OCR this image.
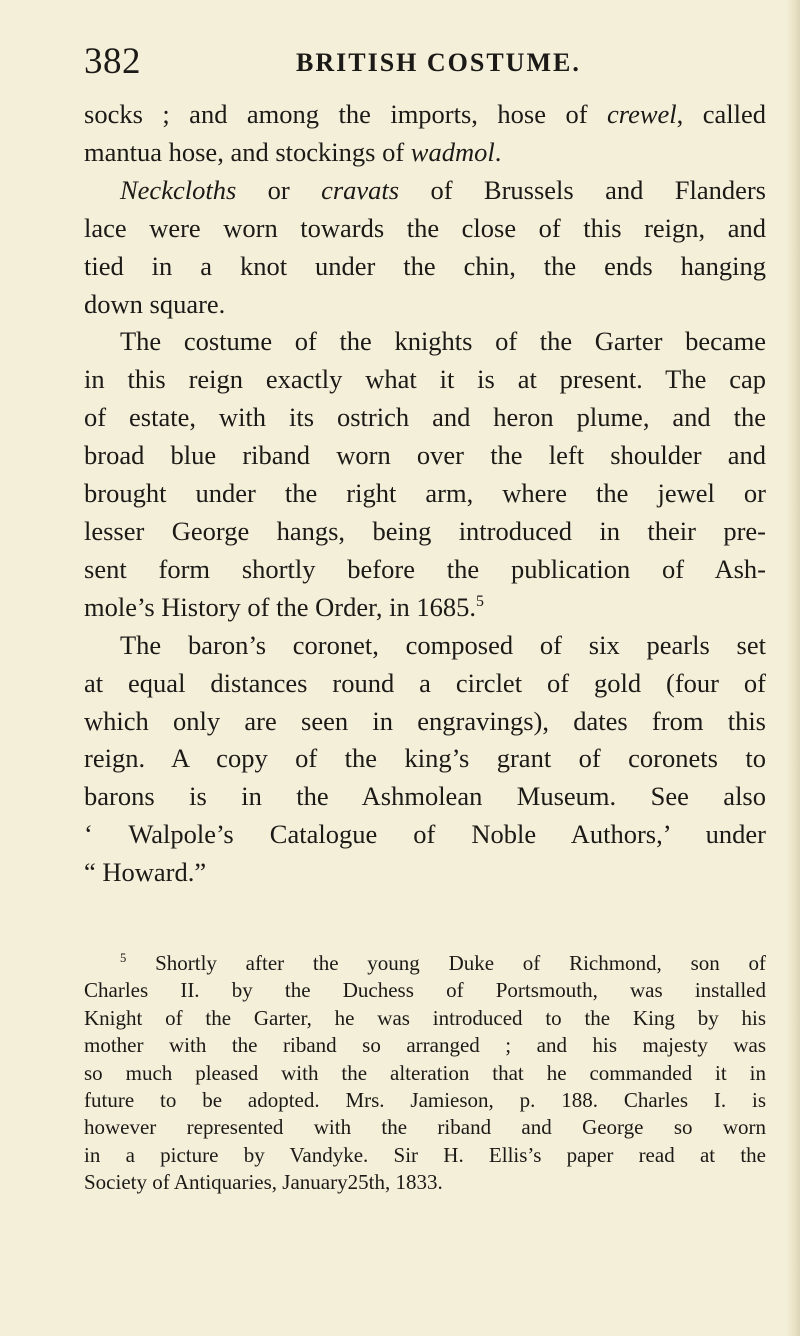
382	BRITISH COSTUME.
socks ; and among the imports, hose of crewel, called
mantua hose, and stockings of wadmol.
Neckcloths or cravats of Brussels and Flanders
lace were worn towards the close of this reign, and
tied in a knot under the chin, the ends hanging
down square.
The costume of the knights of the Garter became
in this reign exactly what it is at present. The cap
of estate, with its ostrich and heron plume, and the
broad blue riband worn over the left shoulder and
brought under the right arm, where the jewel or
lesser George hangs, being introduced in their pre-
sent form shortly before the publication of Ash-
mole’s History of the Order, in 1685.$^5$
The baron’s coronet, composed of six pearls set
at equal distances round a circlet of gold (four of
which only are seen in engravings), dates from this
reign. A copy of the king’s grant of coronets to
barons is in the Ashmolean Museum. See also
‘ Walpole’s Catalogue of Noble Authors,’ under
“ Howard.”
$^5$ Shortly after the young Duke of Richmond, son of
Charles II. by the Duchess of Portsmouth, was installed
Knight of the Garter, he was introduced to the King by his
mother with the riband so arranged ; and his majesty was
so much pleased with the alteration that he commanded it in
future to be adopted. Mrs. Jamieson, p. 188. Charles I. is
however represented with the riband and George so worn
in a picture by Vandyke. Sir H. Ellis’s paper read at the
Society of Antiquaries, January25th, 1833.
